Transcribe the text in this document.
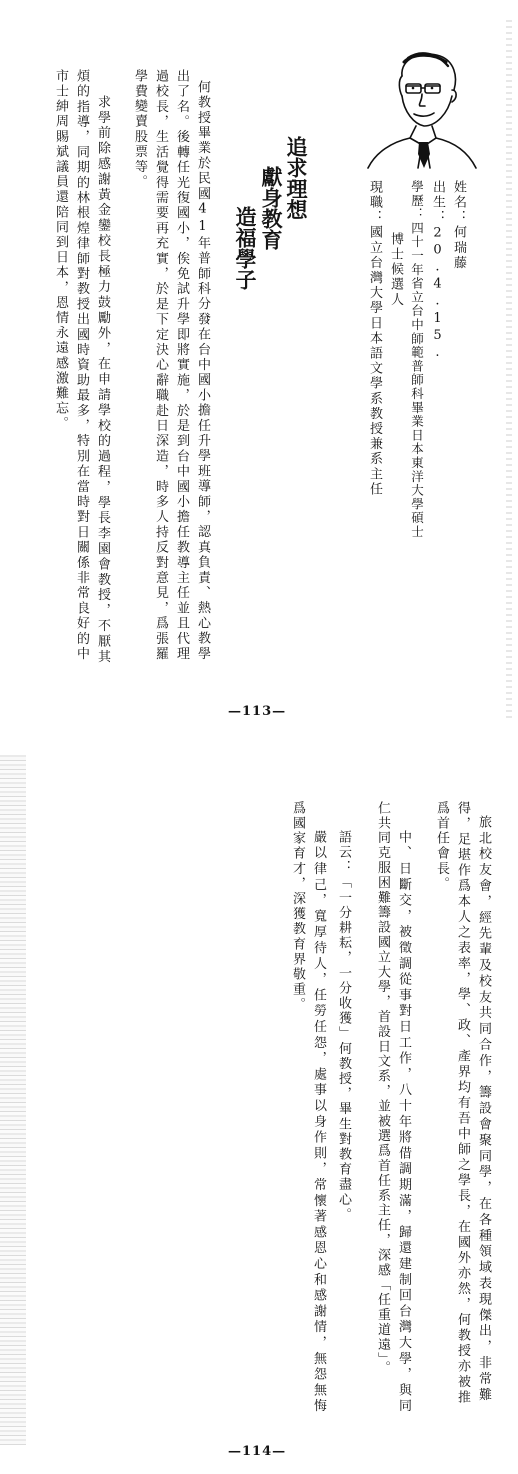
姓名：何瑞藤
出生：20.4.15.
學歷：四十一年省立台中師範普師科畢業日本東洋大學碩士
博士候選人
現職：國立台灣大學日本語文學系教授兼系主任
追求理想
獻身教育
造福學子
何教授畢業於民國41年普師科分發在台中國小擔任升學班導師，認真負責、熱心教學
出了名。後轉任光復國小，俟免試升學即將實施，於是到台中國小擔任教導主任並且代理
過校長，生活覺得需要再充實，於是下定決心辭職赴日深造，時多人持反對意見，爲張羅
學費變賣股票等。
求學前除感謝黃金鑾校長極力鼓勵外，在申請學校的過程，學長李園會教授，不厭其
煩的指導，同期的林根煌律師對教授出國時資助最多，特別在當時對日關係非常良好的中
市士紳周賜斌議員還陪同到日本，恩情永遠感激難忘。
—113—
旅北校友會，經先輩及校友共同合作，籌設會聚同學，在各種領域表現傑出，非常難
得，足堪作爲本人之表率，學、政、產界均有吾中師之學長，在國外亦然，何教授亦被推
爲首任會長。
中、日斷交，被徵調從事對日工作，八十年將借調期滿，歸還建制回台灣大學，與同
仁共同克服困難籌設國立大學，首設日文系，並被選爲首任系主任，深感「任重道遠」。
語云：「一分耕耘，一分收獲」何教授，畢生對教育盡心。
嚴以律己，寬厚待人，任勞任怨，處事以身作則，常懷著感恩心和感謝情，無怨無悔
爲國家育才，深獲教育界敬重。
—114—
